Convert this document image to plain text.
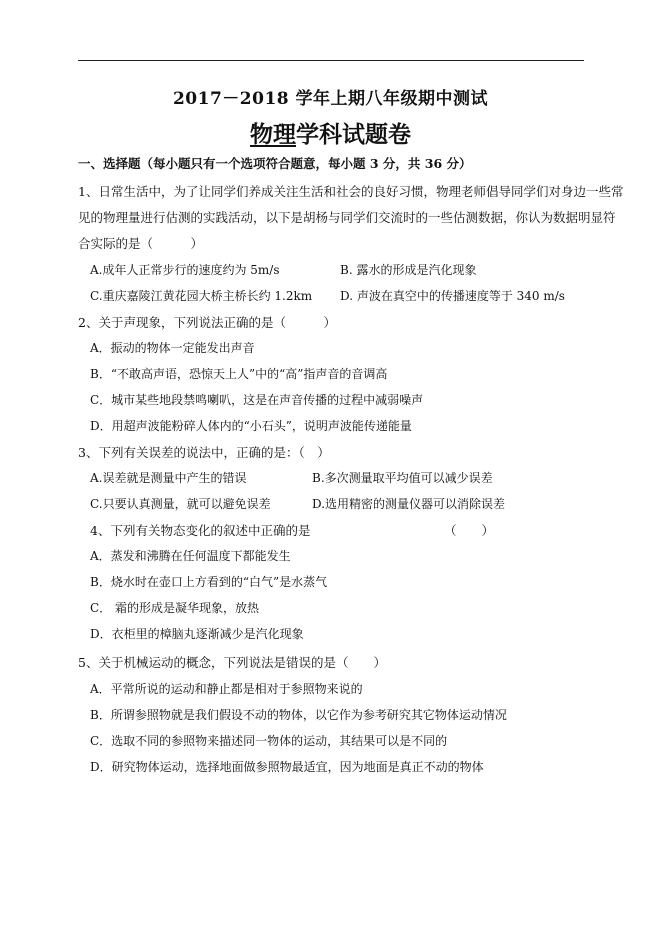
2017－2018 学年上期八年级期中测试
物理学科试题卷
一、选择题（每小题只有一个选项符合题意，每小题 3 分，共 36 分）
1、日常生活中，为了让同学们养成关注生活和社会的良好习惯，物理老师倡导同学们对身边一些常
见的物理量进行估测的实践活动，以下是胡杨与同学们交流时的一些估测数据，你认为数据明显符
合实际的是（　　　）
A.成年人正常步行的速度约为 5m/s	B. 露水的形成是汽化现象
C.重庆嘉陵江黄花园大桥主桥长约 1.2km D. 声波在真空中的传播速度等于 340 m/s
2、关于声现象，下列说法正确的是（　　　）
A．振动的物体一定能发出声音
B．“不敢高声语，恐惊天上人”中的“高”指声音的音调高
C．城市某些地段禁鸣喇叭，这是在声音传播的过程中减弱噪声
D．用超声波能粉碎人体内的“小石头”，说明声波能传递能量
3、下列有关误差的说法中，正确的是：（　）
A.误差就是测量中产生的错误	B.多次测量取平均值可以减少误差
C.只要认真测量，就可以避免误差	D.选用精密的测量仪器可以消除误差
4、下列有关物态变化的叙述中正确的是	（　　）
A．蒸发和沸腾在任何温度下都能发生
B．烧水时在壶口上方看到的“白气”是水蒸气
C． 霜的形成是凝华现象，放热
D．衣柜里的樟脑丸逐渐减少是汽化现象
5、关于机械运动的概念，下列说法是错误的是（　　）
A．平常所说的运动和静止都是相对于参照物来说的
B．所谓参照物就是我们假设不动的物体，以它作为参考研究其它物体运动情况
C．选取不同的参照物来描述同一物体的运动，其结果可以是不同的
D．研究物体运动，选择地面做参照物最适宜，因为地面是真正不动的物体
